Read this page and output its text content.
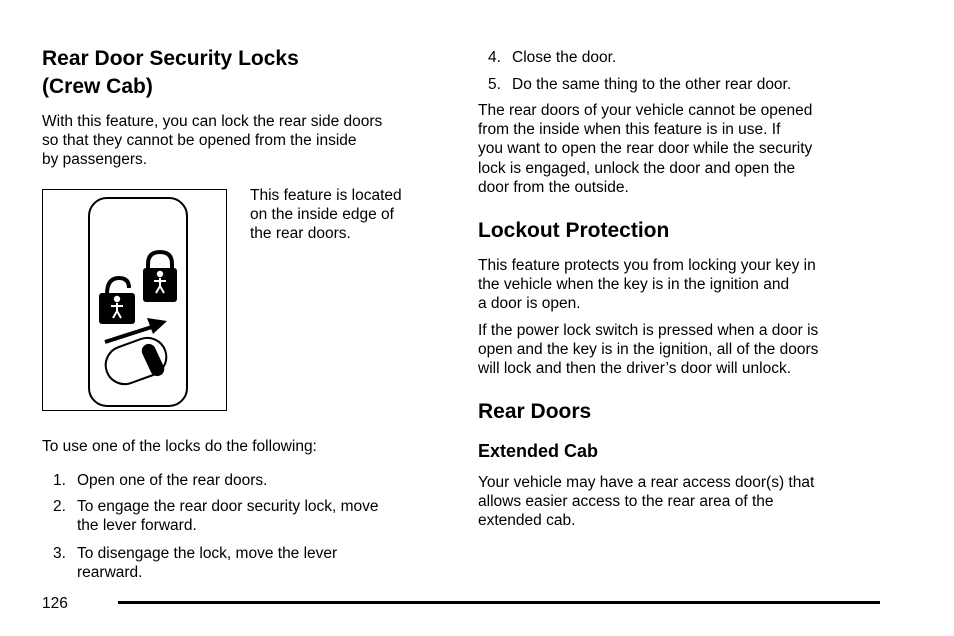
Rear Door Security Locks
(Crew Cab)
With this feature, you can lock the rear side doors
so that they cannot be opened from the inside
by passengers.
This feature is located
on the inside edge of
the rear doors.
To use one of the locks do the following:
1. Open one of the rear doors.
2. To engage the rear door security lock, move
the lever forward.
3. To disengage the lock, move the lever
rearward.
4. Close the door.
5. Do the same thing to the other rear door.
The rear doors of your vehicle cannot be opened
from the inside when this feature is in use. If
you want to open the rear door while the security
lock is engaged, unlock the door and open the
door from the outside.
Lockout Protection
This feature protects you from locking your key in
the vehicle when the key is in the ignition and
a door is open.
If the power lock switch is pressed when a door is
open and the key is in the ignition, all of the doors
will lock and then the driver’s door will unlock.
Rear Doors
Extended Cab
Your vehicle may have a rear access door(s) that
allows easier access to the rear area of the
extended cab.
126
